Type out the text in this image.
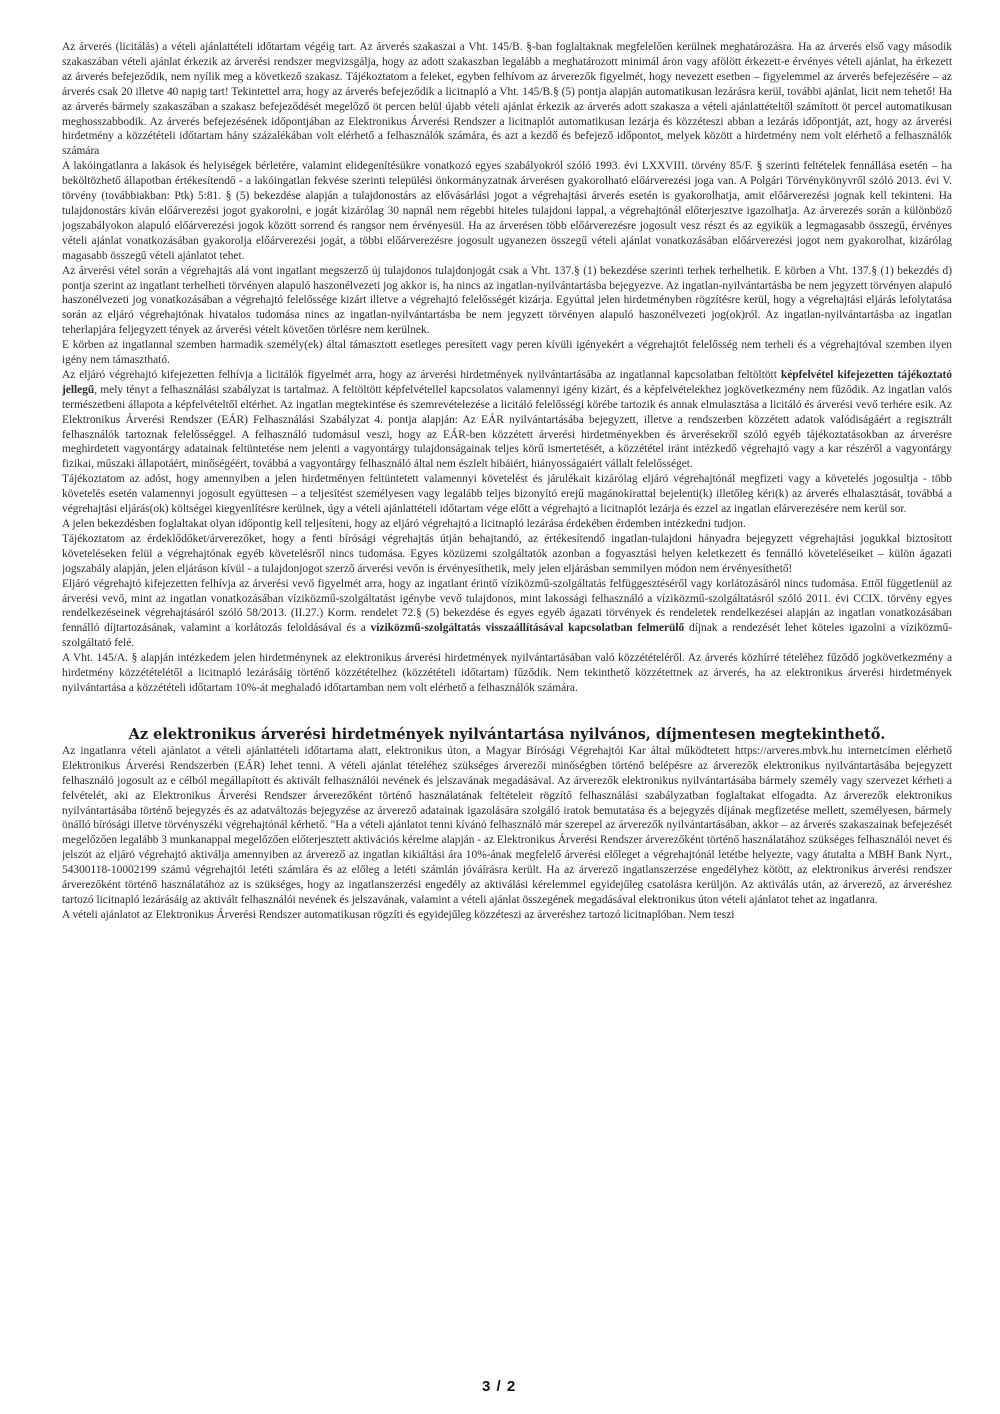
Az árverés (licitálás) a vételi ajánlattételi időtartam végéig tart. Az árverés szakaszai a Vht. 145/B. §-ban foglaltaknak megfelelően kerülnek meghatározásra. Ha az árverés első vagy második szakaszában vételi ajánlat érkezik az árverési rendszer megvizsgálja, hogy az adott szakaszban legalább a meghatározott minimál áron vagy afölött érkezett-e érvényes vételi ajánlat, ha érkezett az árverés befejeződik, nem nyílik meg a következő szakasz. Tájékoztatom a feleket, egyben felhívom az árverezők figyelmét, hogy nevezett esetben – figyelemmel az árverés befejezésére – az árverés csak 20 illetve 40 napig tart! Tekintettel arra, hogy az árverés befejeződik a licitnapló a Vht. 145/B.§ (5) pontja alapján automatikusan lezárásra kerül, további ajánlat, licit nem tehető! Ha az árverés bármely szakaszában a szakasz befejeződését megelőző öt percen belül újabb vételi ajánlat érkezik az árverés adott szakasza a vételi ajánlattételtől számított öt percel automatikusan meghosszabbodik. Az árverés befejezésének időpontjában az Elektronikus Árverési Rendszer a licitnaplót automatikusan lezárja és közzéteszi abban a lezárás időpontját, azt, hogy az árverési hirdetmény a közzétételi időtartam hány százalékában volt elérhető a felhasználók számára, és azt a kezdő és befejező időpontot, melyek között a hirdetmény nem volt elérhető a felhasználók számára

A lakóingatlanra a lakások és helyiségek bérletére, valamint elidegenítésükre vonatkozó egyes szabályokról szóló 1993. évi LXXVIII. törvény 85/F. § szerinti feltételek fennállása esetén – ha beköltözhető állapotban értékesítendő - a lakóingatlan fekvése szerinti települési önkormányzatnak árverésen gyakorolható előárverezési joga van. A Polgári Törvénykönyvről szóló 2013. évi V. törvény (továbbiakban: Ptk) 5:81. § (5) bekezdése alapján a tulajdonostárs az elővásárlási jogot a végrehajtási árverés esetén is gyakorolhatja, amit előárverezési jognak kell tekinteni. Ha tulajdonostárs kíván előárverezési jogot gyakorolni, e jogát kizárólag 30 napnál nem régebbi hiteles tulajdoni lappal, a végrehajtónál előterjesztve igazolhatja. Az árverezés során a különböző jogszabályokon alapuló előárverezési jogok között sorrend és rangsor nem érvényesül. Ha az árverésen több előárverezésre jogosult vesz részt és az egyikük a legmagasabb összegű, érvényes vételi ajánlat vonatkozásában gyakorolja előárverezési jogát, a többi előárverezésre jogosult ugyanezen összegű vételi ajánlat vonatkozásában előárverezési jogot nem gyakorolhat, kizárólag magasabb összegű vételi ajánlatot tehet.

Az árverési vétel során a végrehajtás alá vont ingatlant megszerző új tulajdonos tulajdonjogát csak a Vht. 137.§ (1) bekezdése szerinti terhek terhelhetik. E körben a Vht. 137.§ (1) bekezdés d) pontja szerint az ingatlant terhelheti törvényen alapuló haszonélvezeti jog akkor is, ha nincs az ingatlan-nyilvántartásba bejegyezve. Az ingatlan-nyilvántartásba be nem jegyzett törvényen alapuló haszonélvezeti jog vonatkozásában a végrehajtó felelőssége kizárt illetve a végrehajtó felelősségét kizárja. Egyúttal jelen hirdetményben rögzítésre kerül, hogy a végrehajtási eljárás lefolytatása során az eljáró végrehajtónak hivatalos tudomása nincs az ingatlan-nyilvántartásba be nem jegyzett törvényen alapuló haszonélvezeti jog(ok)ról. Az ingatlan-nyilvántartásba az ingatlan teherlapjára feljegyzett tények az árverési vételt követően törlésre nem kerülnek.

E körben az ingatlannal szemben harmadik személy(ek) által támasztott esetleges peresített vagy peren kívüli igényekért a végrehajtót felelősség nem terheli és a végrehajtóval szemben ilyen igény nem támasztható.

Az eljáró végrehajtó kifejezetten felhívja a licitálók figyelmét arra, hogy az árverési hirdetmények nyilvántartásába az ingatlannal kapcsolatban feltöltött képfelvétel kifejezetten tájékoztató jellegű, mely tényt a felhasználási szabályzat is tartalmaz. A feltöltött képfelvétellel kapcsolatos valamennyi igény kizárt, és a képfelvételekhez jogkövetkezmény nem fűződik. Az ingatlan valós természetbeni állapota a képfelvételtől eltérhet. Az ingatlan megtekintése és szemrevételezése a licitáló felelősségi körébe tartozik és annak elmulasztása a licitáló és árverési vevő terhére esik. Az Elektronikus Árverési Rendszer (EÁR) Felhasználási Szabályzat 4. pontja alapján: Az EÁR nyilvántartásába bejegyzett, illetve a rendszerben közzétett adatok valódiságáért a regisztrált felhasználók tartoznak felelősséggel. A felhasználó tudomásul veszi, hogy az EÁR-ben közzétett árverési hirdetményekben és árverésekről szóló egyéb tájékoztatásokban az árverésre meghirdetett vagyontárgy adatainak feltüntetése nem jelenti a vagyontárgy tulajdonságainak teljes körű ismertetését, a közzététel iránt intézkedő végrehajtó vagy a kar részéről a vagyontárgy fizikai, műszaki állapotáért, minőségéért, továbbá a vagyontárgy felhasználó által nem észlelt hibáiért, hiányosságaiért vállalt felelősséget.

Tájékoztatom az adóst, hogy amennyiben a jelen hirdetményen feltüntetett valamennyi követelést és járulékait kizárólag eljáró végrehajtónál megfizeti vagy a követelés jogosultja - több követelés esetén valamennyi jogosult együttesen – a teljesítést személyesen vagy legalább teljes bizonyító erejű magánokirattal bejelenti(k) illetőleg kéri(k) az árverés elhalasztását, továbbá a végrehajtási eljárás(ok) költségei kiegyenlítésre kerülnek, úgy a vételi ajánlattételi időtartam vége előtt a végrehajtó a licitnaplót lezárja és ezzel az ingatlan elárverezésére nem kerül sor.

A jelen bekezdésben foglaltakat olyan időpontig kell teljesíteni, hogy az eljáró végrehajtó a licitnapló lezárása érdekében érdemben intézkedni tudjon.

Tájékoztatom az érdeklődőket/árverezőket, hogy a fenti bírósági végrehajtás útján behajtandó, az értékesítendő ingatlan-tulajdoni hányadra bejegyzett végrehajtási jogukkal biztosított követeléseken felül a végrehajtónak egyéb követelésről nincs tudomása. Egyes közüzemi szolgáltatók azonban a fogyasztási helyen keletkezett és fennálló követeléseiket – külön ágazati jogszabály alapján, jelen eljáráson kívül - a tulajdonjogot szerző árverési vevőn is érvényesíthetik, mely jelen eljárásban semmilyen módon nem érvényesíthető!

Eljáró végrehajtó kifejezetten felhívja az árverési vevő figyelmét arra, hogy az ingatlant érintő víziközmű-szolgáltatás felfüggesztéséről vagy korlátozásáról nincs tudomása. Ettől függetlenül az árverési vevő, mint az ingatlan vonatkozásában víziközmű-szolgáltatást igénybe vevő tulajdonos, mint lakossági felhasználó a víziközmű-szolgáltatásról szóló 2011. évi CCIX. törvény egyes rendelkezéseinek végrehajtásáról szóló 58/2013. (II.27.) Korm. rendelet 72.§ (5) bekezdése és egyes egyéb ágazati törvények és rendeletek rendelkezései alapján az ingatlan vonatkozásában fennálló díjtartozásának, valamint a korlátozás feloldásával és a víziközmű-szolgáltatás visszaállításával kapcsolatban felmerülő díjnak a rendezését lehet köteles igazolni a víziközmű-szolgáltató felé.

A Vht. 145/A. § alapján intézkedem jelen hirdetménynek az elektronikus árverési hirdetmények nyilvántartásában való közzétételéről. Az árverés közhírré tételéhez fűződő jogkövetkezmény a hirdetmény közzétételétől a licitnapló lezárásáig történő közzétételhez (közzétételi időtartam) fűződik. Nem tekinthető közzétettnek az árverés, ha az elektronikus árverési hirdetmények nyilvántartása a közzétételi időtartam 10%-át meghaladó időtartamban nem volt elérhető a felhasználók számára.

Az elektronikus árverési hirdetmények nyilvántartása nyilvános, díjmentesen megtekinthető.

Az ingatlanra vételi ajánlatot a vételi ajánlattételi időtartama alatt, elektronikus úton, a Magyar Bírósági Végrehajtói Kar által működtetett https://arveres.mbvk.hu internetcímen elérhető Elektronikus Árverési Rendszerben (EÁR) lehet tenni. A vételi ajánlat tételéhez szükséges árverezői minőségben történő belépésre az árverezők elektronikus nyilvántartásába bejegyzett felhasználó jogosult az e célból megállapított és aktivált felhasználói nevének és jelszavának megadásával. Az árverezők elektronikus nyilvántartásába bármely személy vagy szervezet kérheti a felvételét, aki az Elektronikus Árverési Rendszer árverezőként történő használatának feltételeit rögzítő felhasználási szabályzatban foglaltakat elfogadta. Az árverezők elektronikus nyilvántartásába történő bejegyzés és az adatváltozás bejegyzése az árverező adatainak igazolására szolgáló iratok bemutatása és a bejegyzés díjának megfizetése mellett, személyesen, bármely önálló bírósági illetve törvényszéki végrehajtónál kérhető. "Ha a vételi ajánlatot tenni kívánó felhasználó már szerepel az árverezők nyilvántartásában, akkor – az árverés szakaszainak befejezését megelőzően legalább 3 munkanappal megelőzően előterjesztett aktivációs kérelme alapján - az Elektronikus Árverési Rendszer árverezőként történő használatához szükséges felhasználói nevet és jelszót az eljáró végrehajtó aktiválja amennyiben az árverező az ingatlan kikiáltási ára 10%-ának megfelelő árverési előleget a végrehajtónál letétbe helyezte, vagy átutalta a MBH Bank Nyrt., 54300118-10002199 számú végrehajtói letéti számlára és az előleg a letéti számlán jóváírásra került. Ha az árverező ingatlanszerzése engedélyhez kötött, az elektronikus árverési rendszer árverezőként történő használatához az is szükséges, hogy az ingatlanszerzési engedély az aktiválási kérelemmel egyidejűleg csatolásra kerüljön. Az aktiválás után, az árverező, az árveréshez tartozó licitnapló lezárásáig az aktivált felhasználói nevének és jelszavának, valamint a vételi ajánlat összegének megadásával elektronikus úton vételi ajánlatot tehet az ingatlanra.

A vételi ajánlatot az Elektronikus Árverési Rendszer automatikusan rögzíti és egyidejűleg közzéteszi az árveréshez tartozó licitnaplóban. Nem teszi

3 / 2
